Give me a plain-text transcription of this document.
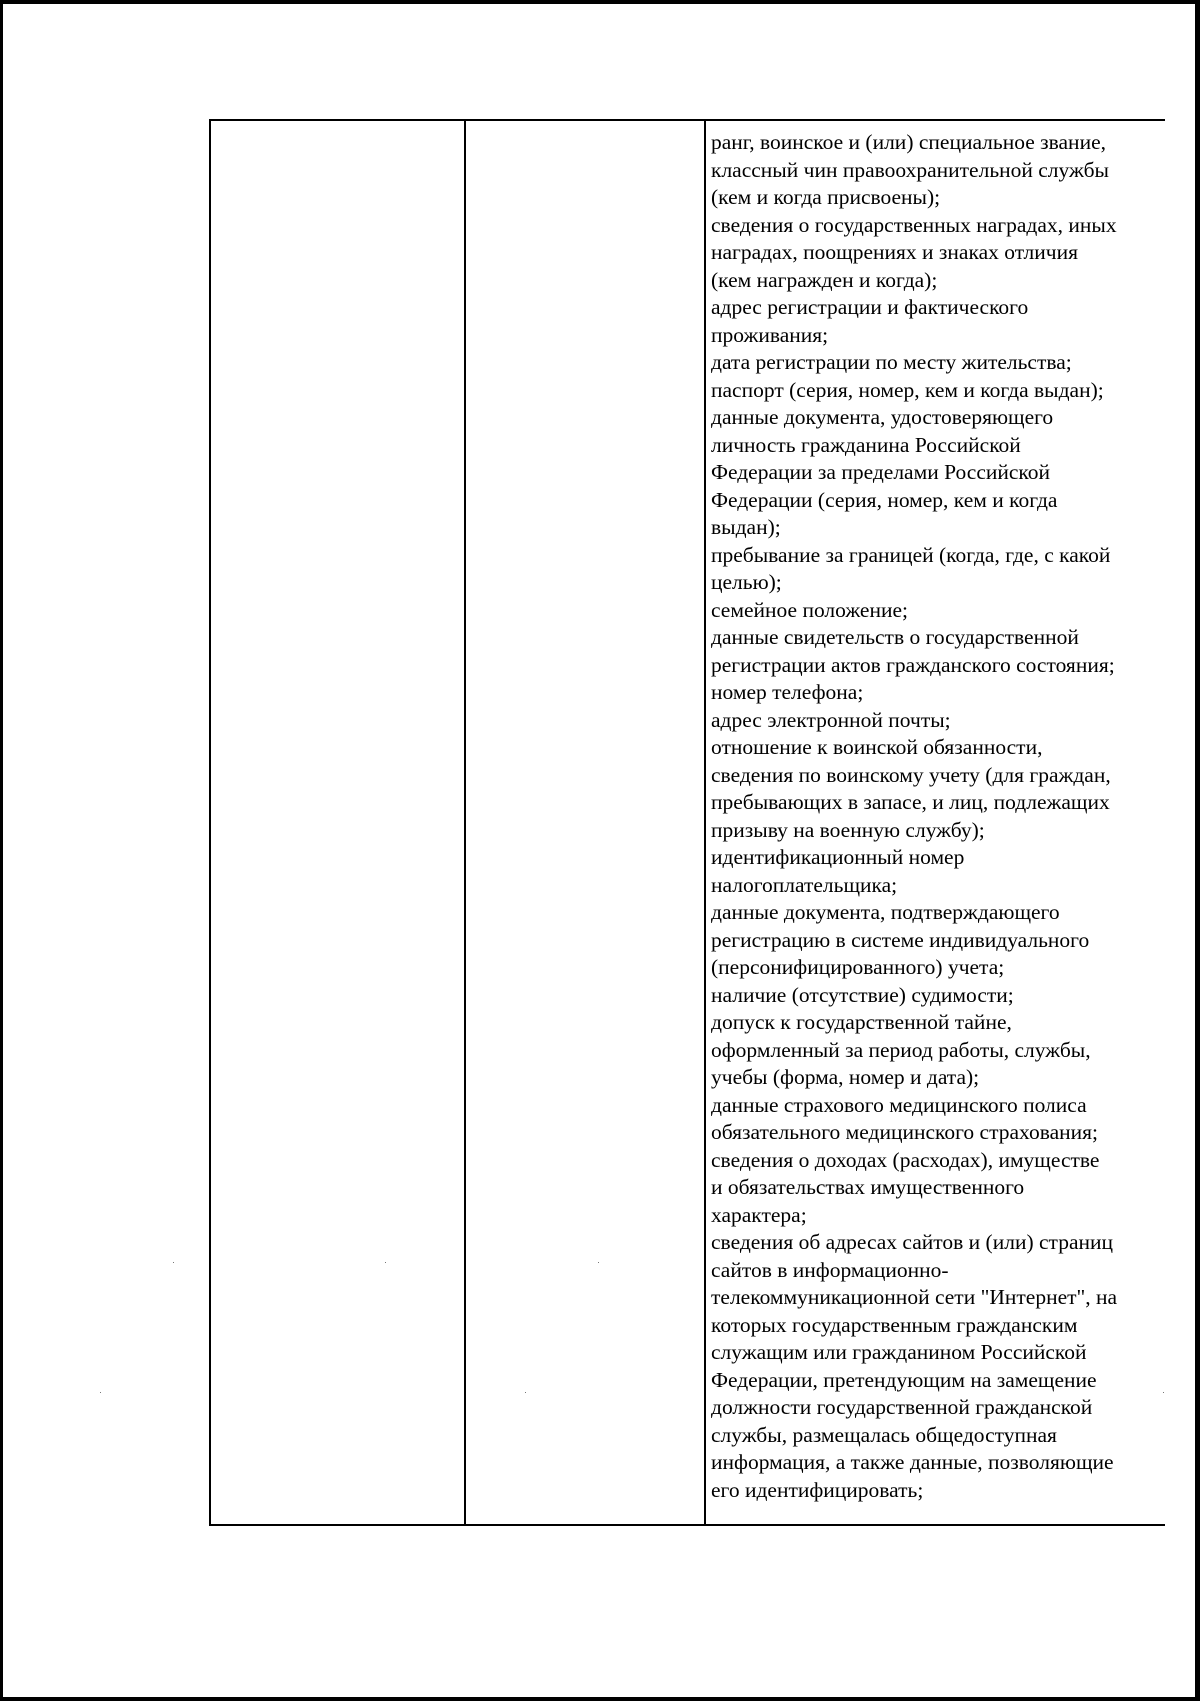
ранг, воинское и (или) специальное звание,
классный чин правоохранительной службы
(кем и когда присвоены);
сведения о государственных наградах, иных
наградах, поощрениях и знаках отличия
(кем награжден и когда);
адрес регистрации и фактического
проживания;
дата регистрации по месту жительства;
паспорт (серия, номер, кем и когда выдан);
данные документа, удостоверяющего
личность гражданина Российской
Федерации за пределами Российской
Федерации (серия, номер, кем и когда
выдан);
пребывание за границей (когда, где, с какой
целью);
семейное положение;
данные свидетельств о государственной
регистрации актов гражданского состояния;
номер телефона;
адрес электронной почты;
отношение к воинской обязанности,
сведения по воинскому учету (для граждан,
пребывающих в запасе, и лиц, подлежащих
призыву на военную службу);
идентификационный номер
налогоплательщика;
данные документа, подтверждающего
регистрацию в системе индивидуального
(персонифицированного) учета;
наличие (отсутствие) судимости;
допуск к государственной тайне,
оформленный за период работы, службы,
учебы (форма, номер и дата);
данные страхового медицинского полиса
обязательного медицинского страхования;
сведения о доходах (расходах), имуществе
и обязательствах имущественного
характера;
сведения об адресах сайтов и (или) страниц
сайтов в информационно-
телекоммуникационной сети "Интернет", на
которых государственным гражданским
служащим или гражданином Российской
Федерации, претендующим на замещение
должности государственной гражданской
службы, размещалась общедоступная
информация, а также данные, позволяющие
его идентифицировать;
